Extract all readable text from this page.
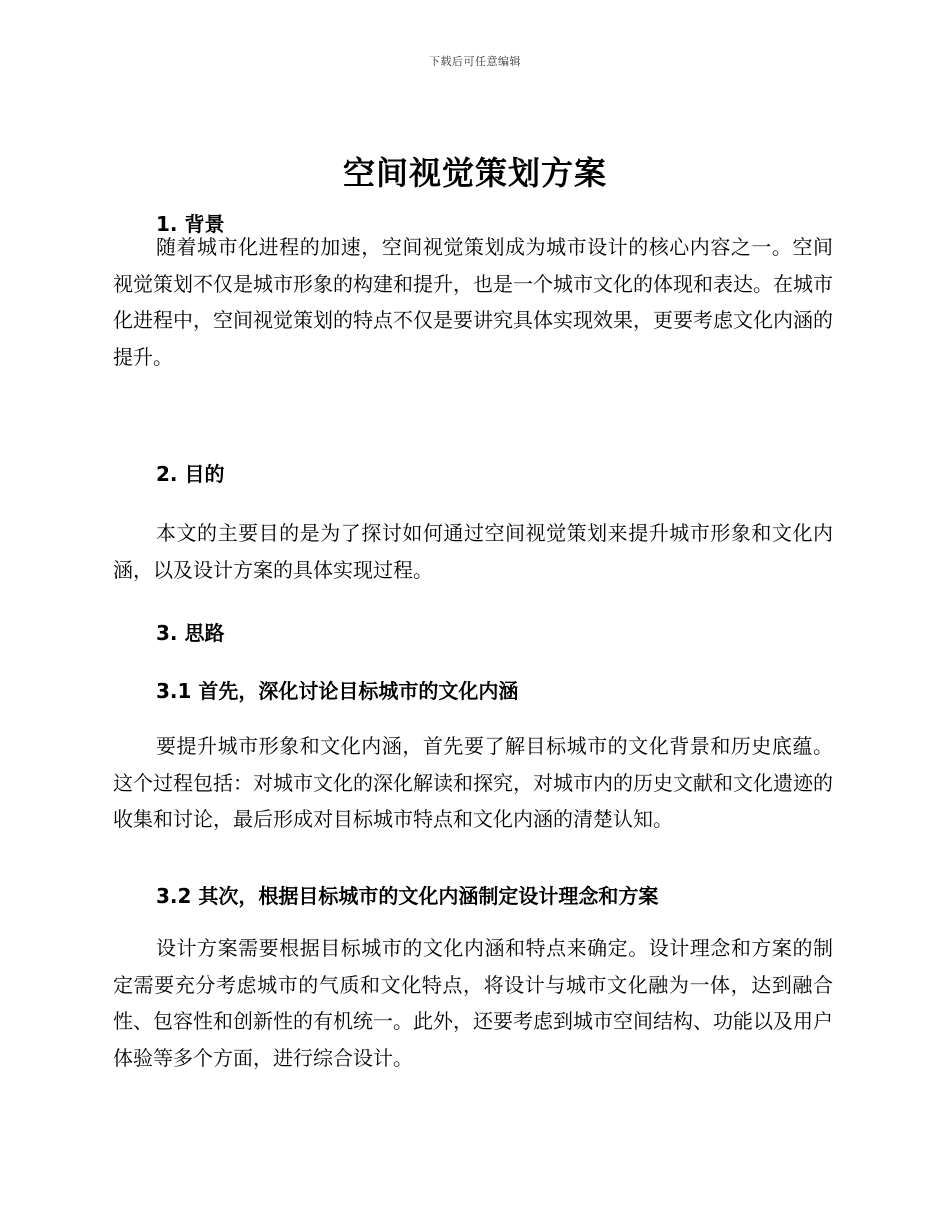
下载后可任意编辑
空间视觉策划方案
1. 背景

随着城市化进程的加速，空间视觉策划成为城市设计的核心内容之一。空间视觉策划不仅是城市形象的构建和提升，也是一个城市文化的体现和表达。在城市化进程中，空间视觉策划的特点不仅是要讲究具体实现效果，更要考虑文化内涵的提升。

2. 目的

本文的主要目的是为了探讨如何通过空间视觉策划来提升城市形象和文化内涵，以及设计方案的具体实现过程。

3. 思路
3.1 首先，深化讨论目标城市的文化内涵

要提升城市形象和文化内涵，首先要了解目标城市的文化背景和历史底蕴。这个过程包括：对城市文化的深化解读和探究，对城市内的历史文献和文化遗迹的收集和讨论，最后形成对目标城市特点和文化内涵的清楚认知。

3.2 其次，根据目标城市的文化内涵制定设计理念和方案

设计方案需要根据目标城市的文化内涵和特点来确定。设计理念和方案的制定需要充分考虑城市的气质和文化特点，将设计与城市文化融为一体，达到融合性、包容性和创新性的有机统一。此外，还要考虑到城市空间结构、功能以及用户体验等多个方面，进行综合设计。
